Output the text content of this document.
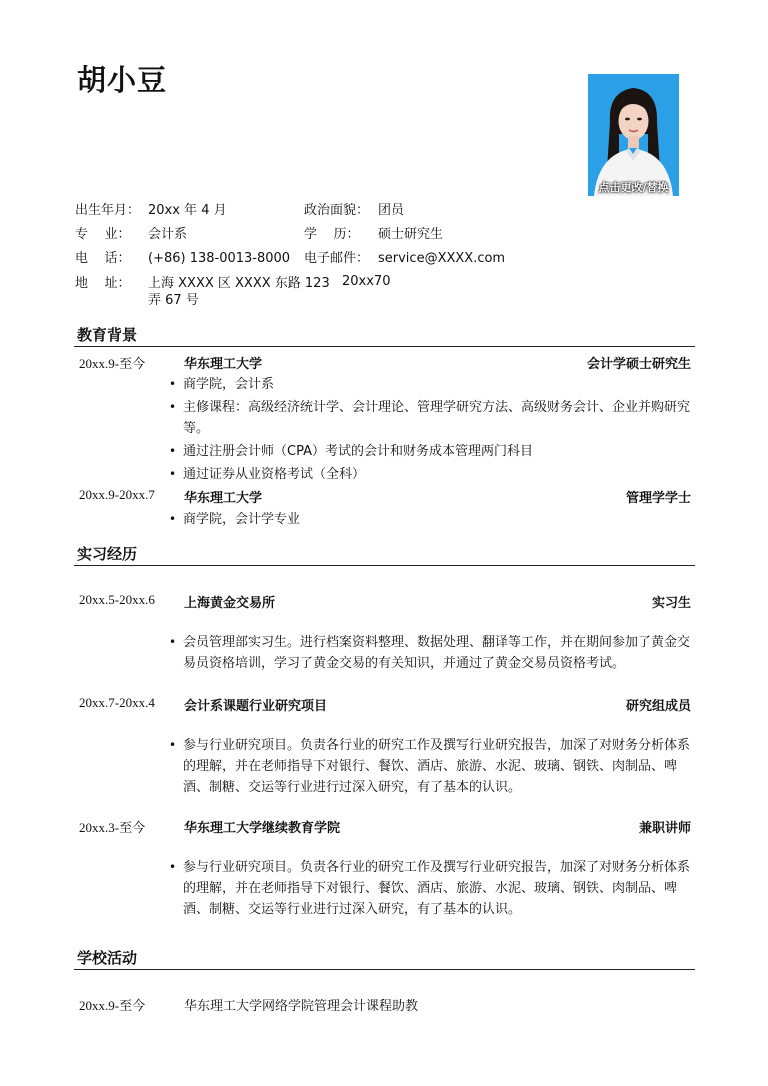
胡小豆
点击更改/替换
出生年月： 20xx 年 4 月	政治面貌： 团员
专    业：	会计系	学    历： 硕士研究生
电    话：	(+86) 138-0013-8000 电子邮件： service@XXXX.com
地    址：	上海 XXXX 区 XXXX 东路 123 弄 67 号
20xx70
教育背景
20xx.9-至今	华东理工大学	会计学硕士研究生
• 商学院，会计系
• 主修课程：高级经济统计学、会计理论、管理学研究方法、高级财务会计、企业并购研究等。
• 通过注册会计师（CPA）考试的会计和财务成本管理两门科目
• 通过证券从业资格考试（全科）
20xx.9-20xx.7 华东理工大学	管理学学士
• 商学院，会计学专业
实习经历
20xx.5-20xx.6 上海黄金交易所	实习生
• 会员管理部实习生。进行档案资料整理、数据处理、翻译等工作，并在期间参加了黄金交易员资格培训，学习了黄金交易的有关知识，并通过了黄金交易员资格考试。
20xx.7-20xx.4 会计系课题行业研究项目	研究组成员
• 参与行业研究项目。负责各行业的研究工作及撰写行业研究报告，加深了对财务分析体系的理解，并在老师指导下对银行、餐饮、酒店、旅游、水泥、玻璃、钢铁、肉制品、啤酒、制糖、交运等行业进行过深入研究，有了基本的认识。
20xx.3-至今	华东理工大学继续教育学院	兼职讲师
• 参与行业研究项目。负责各行业的研究工作及撰写行业研究报告，加深了对财务分析体系的理解，并在老师指导下对银行、餐饮、酒店、旅游、水泥、玻璃、钢铁、肉制品、啤酒、制糖、交运等行业进行过深入研究，有了基本的认识。
学校活动
20xx.9-至今	华东理工大学网络学院管理会计课程助教
